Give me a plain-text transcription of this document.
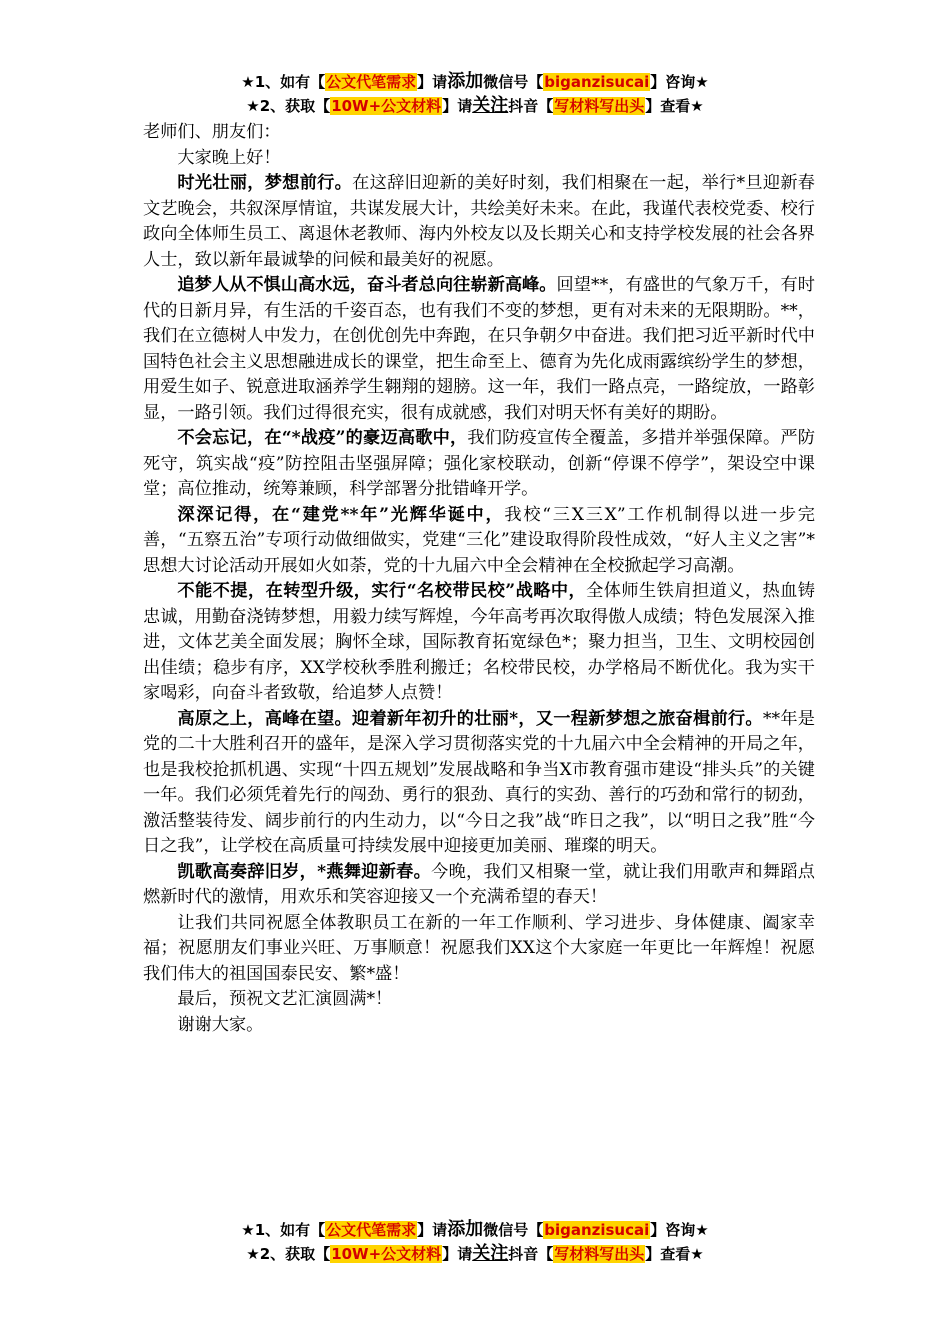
★1、如有【公文代笔需求】请添加微信号【biganzisucai】咨询★
★2、获取【10W+公文材料】请关注抖音【写材料写出头】查看★

老师们、朋友们：

大家晚上好！

时光壮丽，梦想前行。在这辞旧迎新的美好时刻，我们相聚在一起，举行*旦迎新春文艺晚会，共叙深厚情谊，共谋发展大计，共绘美好未来。在此，我谨代表校党委、校行政向全体师生员工、离退休老教师、海内外校友以及长期关心和支持学校发展的社会各界人士，致以新年最诚挚的问候和最美好的祝愿。

追梦人从不惧山高水远，奋斗者总向往崭新高峰。回望**，有盛世的气象万千，有时代的日新月异，有生活的千姿百态，也有我们不变的梦想，更有对未来的无限期盼。**，我们在立德树人中发力，在创优创先中奔跑，在只争朝夕中奋进。我们把习近平新时代中国特色社会主义思想融进成长的课堂，把生命至上、德育为先化成雨露缤纷学生的梦想，用爱生如子、锐意进取涵养学生翱翔的翅膀。这一年，我们一路点亮，一路绽放，一路彰显，一路引领。我们过得很充实，很有成就感，我们对明天怀有美好的期盼。

不会忘记，在“*战疫”的豪迈高歌中，我们防疫宣传全覆盖，多措并举强保障。严防死守，筑实战“疫”防控阻击坚强屏障；强化家校联动，创新“停课不停学”，架设空中课堂；高位推动，统筹兼顾，科学部署分批错峰开学。

深深记得，在“建党**年”光辉华诞中，我校“三X三X”工作机制得以进一步完善，“五察五治”专项行动做细做实，党建“三化”建设取得阶段性成效，“好人主义之害”*思想大讨论活动开展如火如荼，党的十九届六中全会精神在全校掀起学习高潮。

不能不提，在转型升级，实行“名校带民校”战略中，全体师生铁肩担道义，热血铸忠诚，用勤奋浇铸梦想，用毅力续写辉煌，今年高考再次取得傲人成绩；特色发展深入推进，文体艺美全面发展；胸怀全球，国际教育拓宽绿色*；聚力担当，卫生、文明校园创出佳绩；稳步有序，XX学校秋季胜利搬迁；名校带民校，办学格局不断优化。我为实干家喝彩，向奋斗者致敬，给追梦人点赞！

高原之上，高峰在望。迎着新年初升的壮丽*，又一程新梦想之旅奋楫前行。**年是党的二十大胜利召开的盛年，是深入学习贯彻落实党的十九届六中全会精神的开局之年，也是我校抢抓机遇、实现“十四五规划”发展战略和争当X市教育强市建设“排头兵”的关键一年。我们必须凭着先行的闯劲、勇行的狠劲、真行的实劲、善行的巧劲和常行的韧劲，激活整装待发、阔步前行的内生动力，以“今日之我”战“昨日之我”，以“明日之我”胜“今日之我”，让学校在高质量可持续发展中迎接更加美丽、璀璨的明天。

凯歌高奏辞旧岁，*燕舞迎新春。今晚，我们又相聚一堂，就让我们用歌声和舞蹈点燃新时代的激情，用欢乐和笑容迎接又一个充满希望的春天！

让我们共同祝愿全体教职员工在新的一年工作顺利、学习进步、身体健康、阖家幸福；祝愿朋友们事业兴旺、万事顺意！祝愿我们XX这个大家庭一年更比一年辉煌！祝愿我们伟大的祖国国泰民安、繁*盛！

最后，预祝文艺汇演圆满*！

谢谢大家。

★1、如有【公文代笔需求】请添加微信号【biganzisucai】咨询★
★2、获取【10W+公文材料】请关注抖音【写材料写出头】查看★
